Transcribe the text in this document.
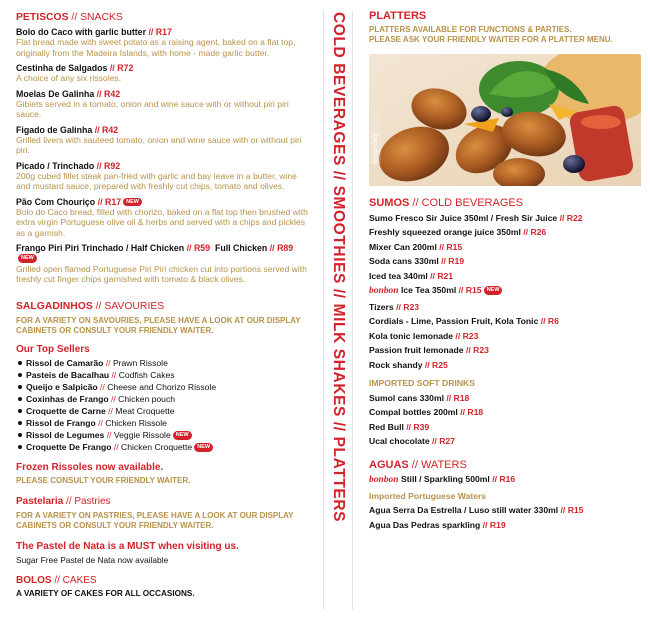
PETISCOS // SNACKS
Bolo do Caco with garlic butter // R17
Flat bread made with sweet potato as a raising agent, baked on a flat top, originally from the Madeira Islands, with home - made garlic butter.
Cestinha de Salgados // R72
A choice of any six rissoles.
Moelas De Galinha // R42
Gibiets served in a tomato, onion and wine sauce with or without piri piri sauce.
Figado de Galinha // R42
Grilled livers with sauteed tomato, onion and wine sauce with or without piri piri.
Picado / Trinchado // R92
200g cubed fillet steak pan-fried with garlic and bay leave in a butter, wine and mustard sauce, prepared with freshly cut chips, tomato and olives.
Pão Com Chouriço // R17 NEW
Bolo do Caco bread, filled with chorizo, baked on a flat top then brushed with extra virgin Portuguese olive oil & herbs and served with a chips and pickles as a garnish.
Frango Piri Piri Trinchado / Half Chicken // R59 Full Chicken // R89NEW
Grilled open flamed Portuguese Piri Piri chicken cut into portions served with freshly cut finger chips garnished with tomato & black olives.
SALGADINHOS // SAVOURIES
FOR A VARIETY ON SAVOURIES, PLEASE HAVE A LOOK AT OUR DISPLAY CABINETS OR CONSULT YOUR FRIENDLY WAITER.
Our Top Sellers
Rissol de Camarão // Prawn Rissole
Pasteis de Bacalhau // Codfish Cakes
Queijo e Salpicão // Cheese and Chorizo Rissole
Coxinhas de Frango // Chicken pouch
Croquette de Carne // Meat Croquette
Rissol de Frango // Chicken Rissole
Rissol de Legumes // Veggie Rissole NEW
Croquette De Frango // Chicken Croquette NEW
Frozen Rissoles now available.
PLEASE CONSULT YOUR FRIENDLY WAITER.
Pastelaria // Pastries
FOR A VARIETY ON PASTRIES, PLEASE HAVE A LOOK AT OUR DISPLAY CABINETS OR CONSULT YOUR FRIENDLY WAITER.
The Pastel de Nata is a MUST when visiting us.
Sugar Free Pastel de Nata now available
BOLOS // CAKES
A VARIETY OF CAKES FOR ALL OCCASIONS.
COLD BEVERAGES // SMOOTHIES // MILK SHAKES // PLATTERS PLATTERS
PLATTERS AVAILABLE FOR FUNCTIONS & PARTIES.
PLEASE ASK YOUR FRIENDLY WAITER FOR A PLATTER MENU.
Image Only
SUMOS // COLD BEVERAGES
Sumo Fresco Sir Juice 350ml / Fresh Sir Juice // R22
Freshly squeezed orange juice 350ml // R26
Mixer Can 200ml // R15
Soda cans 330ml // R19
Iced tea 340ml // R21
bonbon Ice Tea 350ml // R15 NEW
Tizers // R23
Cordials - Lime, Passion Fruit, Kola Tonic // R6
Kola tonic lemonade // R23
Passion fruit lemonade // R23
Rock shandy // R25
IMPORTED SOFT DRINKS
Sumol cans 330ml // R18
Compal bottles 200ml // R18
Red Bull // R39
Ucal chocolate // R27
AGUAS // WATERS
bonbon Still / Sparkling 500ml // R16
Imported Portuguese Waters
Agua Serra Da Estrella / Luso still water 330ml // R15
Agua Das Pedras sparkling // R19
